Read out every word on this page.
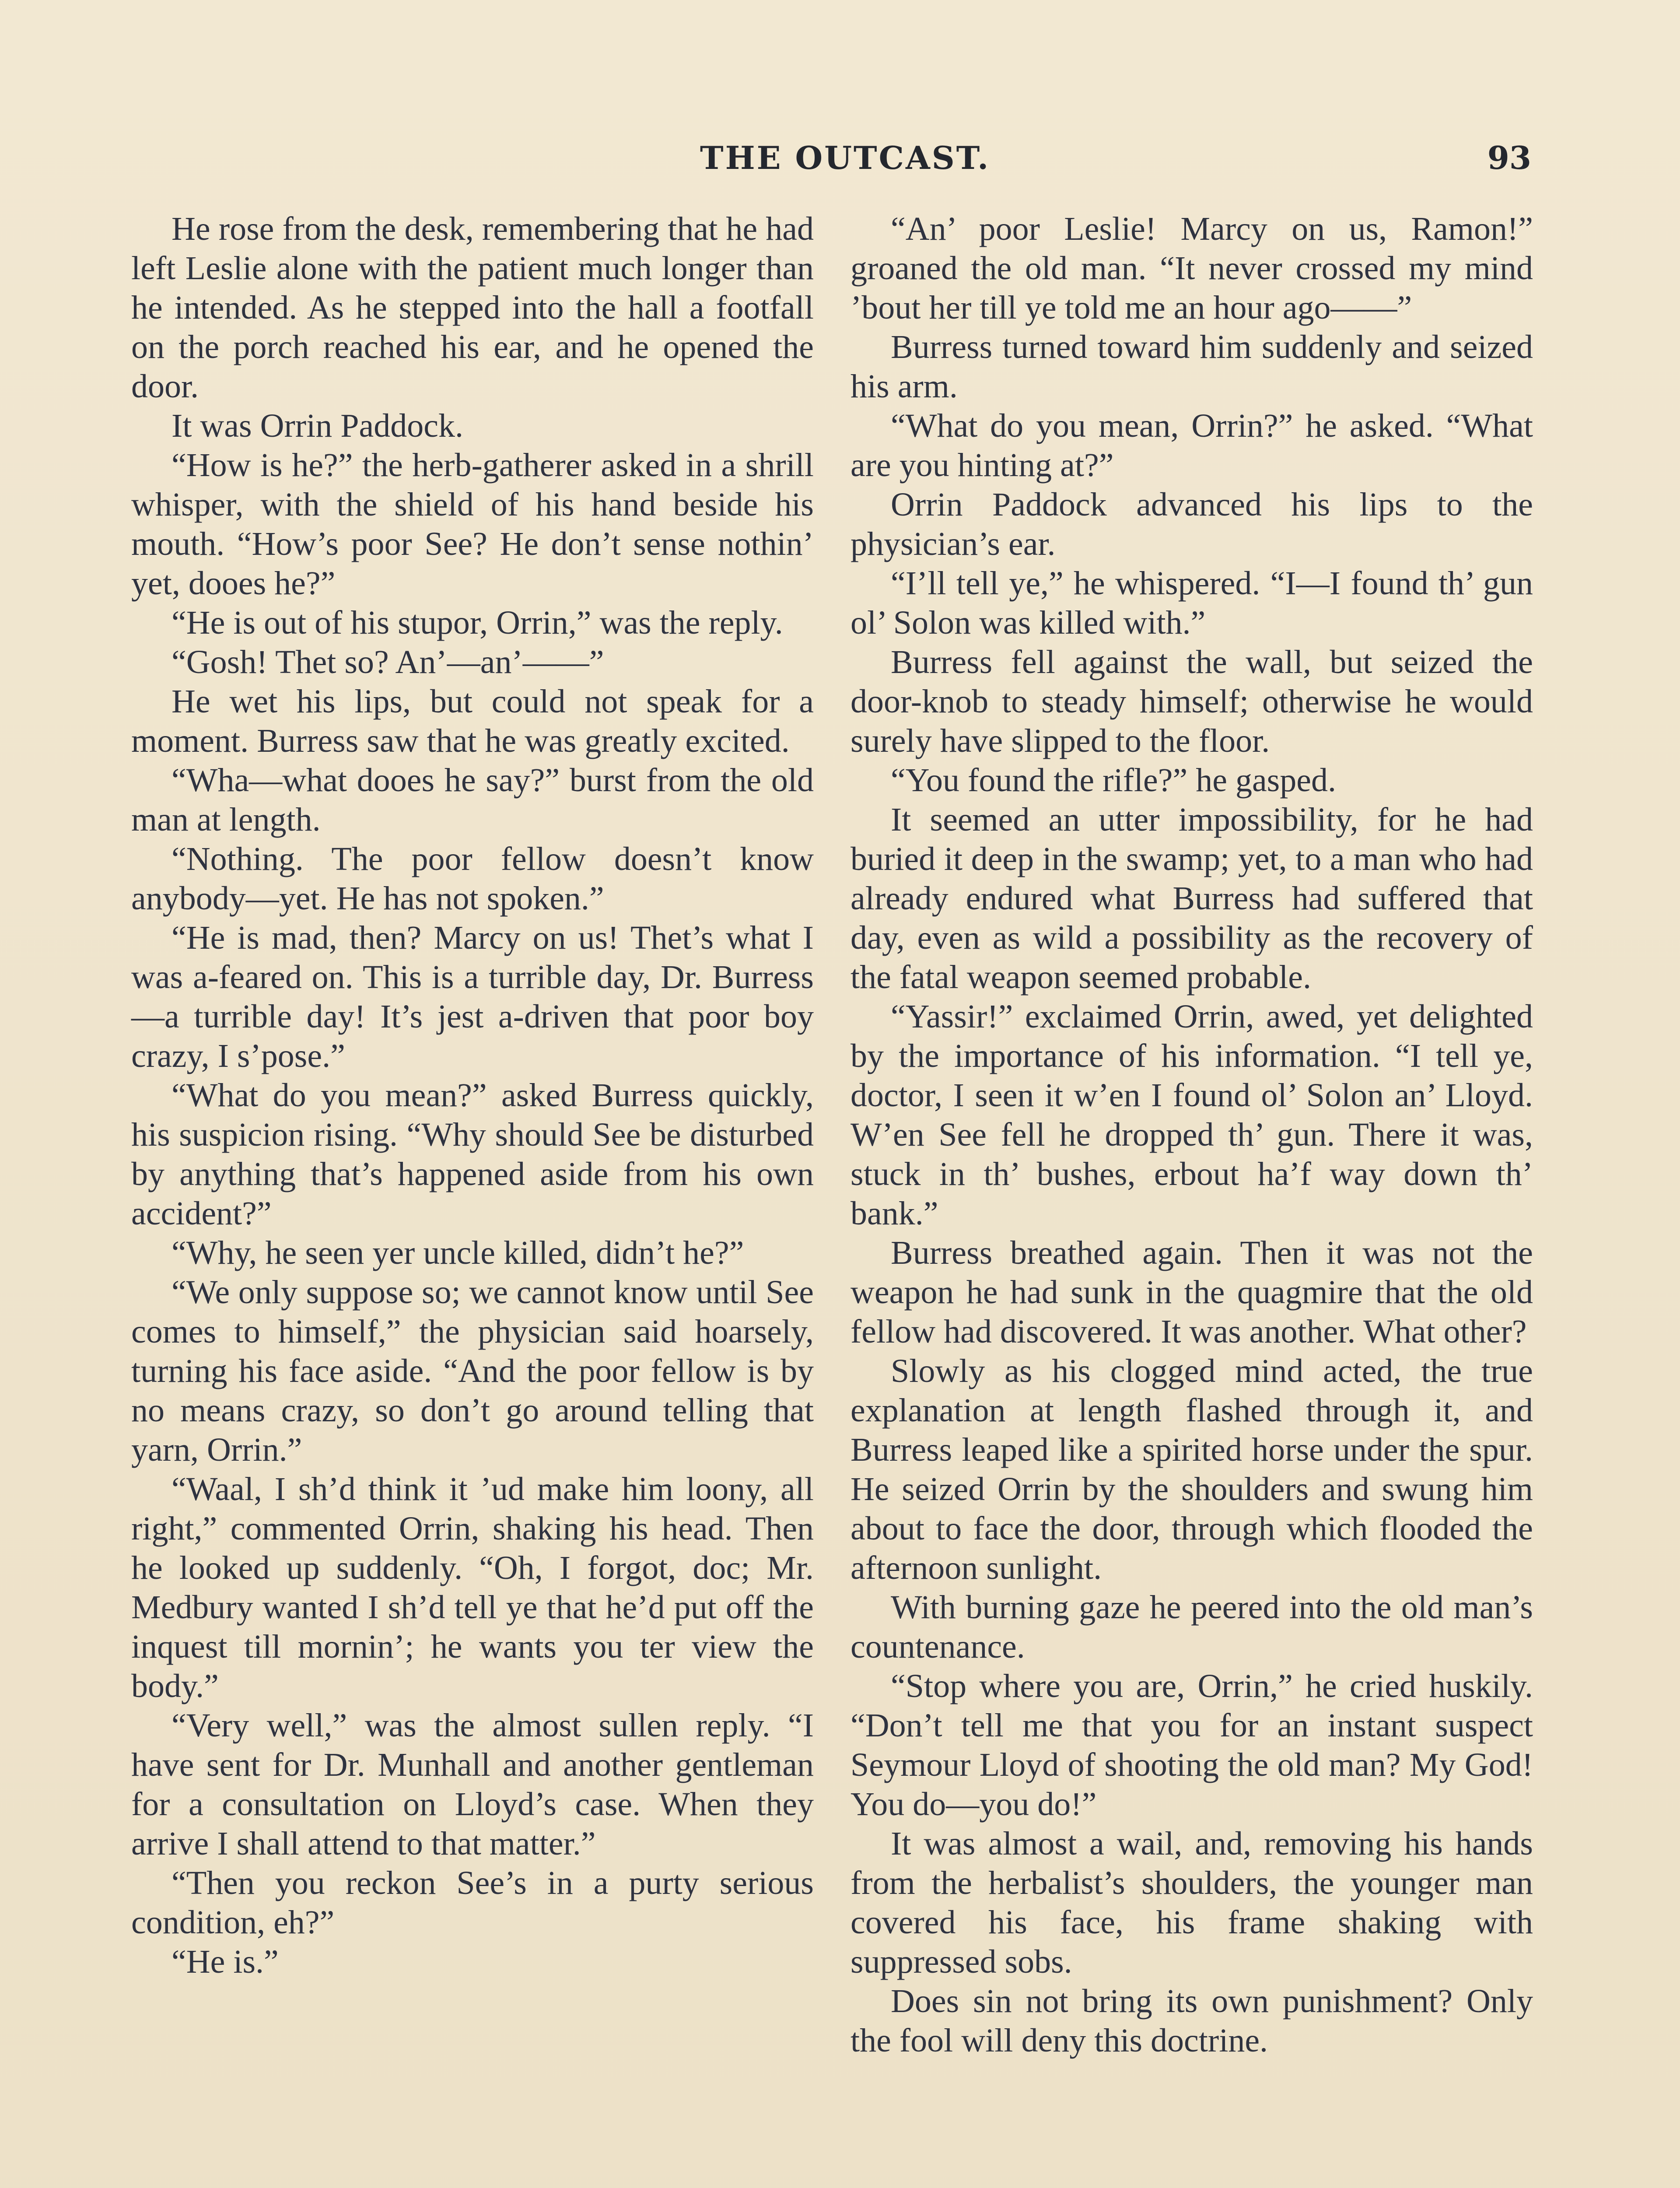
THE OUTCAST.	93

He rose from the desk, remembering that he had left Leslie alone with the patient much longer than he intended. As he stepped into the hall a footfall on the porch reached his ear, and he opened the door.

It was Orrin Paddock.

“How is he?” the herb-gatherer asked in a shrill whisper, with the shield of his hand beside his mouth. “How’s poor See? He don’t sense nothin’ yet, dooes he?”

“He is out of his stupor, Orrin,” was the reply.

“Gosh! Thet so? An’—an’——”

He wet his lips, but could not speak for a moment. Burress saw that he was greatly excited.

“Wha—what dooes he say?” burst from the old man at length.

“Nothing. The poor fellow doesn’t know anybody—yet. He has not spoken.”

“He is mad, then? Marcy on us! Thet’s what I was a-feared on. This is a turrible day, Dr. Burress—a turrible day! It’s jest a-driven that poor boy crazy, I s’pose.”

“What do you mean?” asked Burress quickly, his suspicion rising. “Why should See be disturbed by anything that’s happened aside from his own accident?”

“Why, he seen yer uncle killed, didn’t he?”

“We only suppose so; we cannot know until See comes to himself,” the physician said hoarsely, turning his face aside. “And the poor fellow is by no means crazy, so don’t go around telling that yarn, Orrin.”

“Waal, I sh’d think it ’ud make him loony, all right,” commented Orrin, shaking his head. Then he looked up suddenly. “Oh, I forgot, doc; Mr. Medbury wanted I sh’d tell ye that he’d put off the inquest till mornin’; he wants you ter view the body.”

“Very well,” was the almost sullen reply. “I have sent for Dr. Munhall and another gentleman for a consultation on Lloyd’s case. When they arrive I shall attend to that matter.”

“Then you reckon See’s in a purty serious condition, eh?”

“He is.”

“An’ poor Leslie! Marcy on us, Ramon!” groaned the old man. “It never crossed my mind ’bout her till ye told me an hour ago——”

Burress turned toward him suddenly and seized his arm.

“What do you mean, Orrin?” he asked. “What are you hinting at?”

Orrin Paddock advanced his lips to the physician’s ear.

“I’ll tell ye,” he whispered. “I—I found th’ gun ol’ Solon was killed with.”

Burress fell against the wall, but seized the door-knob to steady himself; otherwise he would surely have slipped to the floor.

“You found the rifle?” he gasped.

It seemed an utter impossibility, for he had buried it deep in the swamp; yet, to a man who had already endured what Burress had suffered that day, even as wild a possibility as the recovery of the fatal weapon seemed probable.

“Yassir!” exclaimed Orrin, awed, yet delighted by the importance of his information. “I tell ye, doctor, I seen it w’en I found ol’ Solon an’ Lloyd. W’en See fell he dropped th’ gun. There it was, stuck in th’ bushes, erbout ha’f way down th’ bank.”

Burress breathed again. Then it was not the weapon he had sunk in the quagmire that the old fellow had discovered. It was another. What other?

Slowly as his clogged mind acted, the true explanation at length flashed through it, and Burress leaped like a spirited horse under the spur. He seized Orrin by the shoulders and swung him about to face the door, through which flooded the afternoon sunlight.

With burning gaze he peered into the old man’s countenance.

“Stop where you are, Orrin,” he cried huskily. “Don’t tell me that you for an instant suspect Seymour Lloyd of shooting the old man? My God! You do—you do!”

It was almost a wail, and, removing his hands from the herbalist’s shoulders, the younger man covered his face, his frame shaking with suppressed sobs.

Does sin not bring its own punishment? Only the fool will deny this doctrine.
